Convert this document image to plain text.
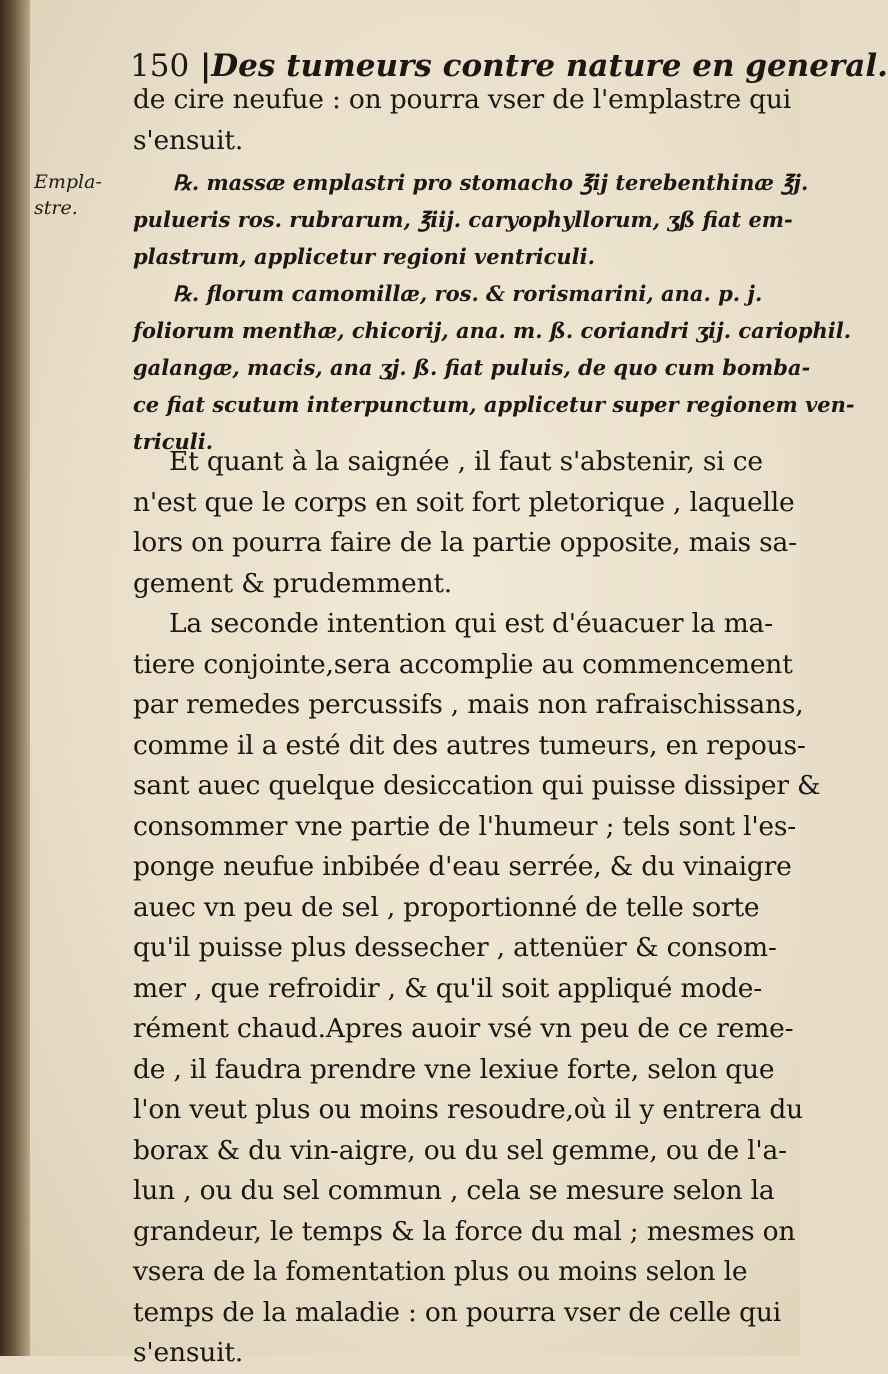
Empla-
stre.
150 |Des tumeurs contre nature en general.
de cire neufue : on pourra vser de l'emplastre qui
s'ensuit.
℞. massæ emplastri pro stomacho ℥ij terebenthinæ ℥j.
pulueris ros. rubrarum, ℥iij. caryophyllorum, ʒß fiat em-
plastrum, applicetur regioni ventriculi.
℞. florum camomillæ, ros. & rorismarini, ana. p. j.
foliorum menthæ, chicorij, ana. m. ß. coriandri ʒij. cariophil.
galangæ, macis, ana ʒj. ß. fiat puluis, de quo cum bomba-
ce fiat scutum interpunctum, applicetur super regionem ven-
triculi.
Et quant à la saignée , il faut s'abstenir, si ce
n'est que le corps en soit fort pletorique , laquelle
lors on pourra faire de la partie opposite, mais sa-
gement & prudemment.
La seconde intention qui est d'éuacuer la ma-
tiere conjointe,sera accomplie au commencement
par remedes percussifs , mais non rafraischissans,
comme il a esté dit des autres tumeurs, en repous-
sant auec quelque desiccation qui puisse dissiper &
consommer vne partie de l'humeur ; tels sont l'es-
ponge neufue inbibée d'eau serrée, & du vinaigre
auec vn peu de sel , proportionné de telle sorte
qu'il puisse plus dessecher , attenüer & consom-
mer , que refroidir , & qu'il soit appliqué mode-
rément chaud.Apres auoir vsé vn peu de ce reme-
de , il faudra prendre vne lexiue forte, selon que
l'on veut plus ou moins resoudre,où il y entrera du
borax & du vin-aigre, ou du sel gemme, ou de l'a-
lun , ou du sel commun , cela se mesure selon la
grandeur, le temps & la force du mal ; mesmes on
vsera de la fomentation plus ou moins selon le
temps de la maladie : on pourra vser de celle qui
s'ensuit.
